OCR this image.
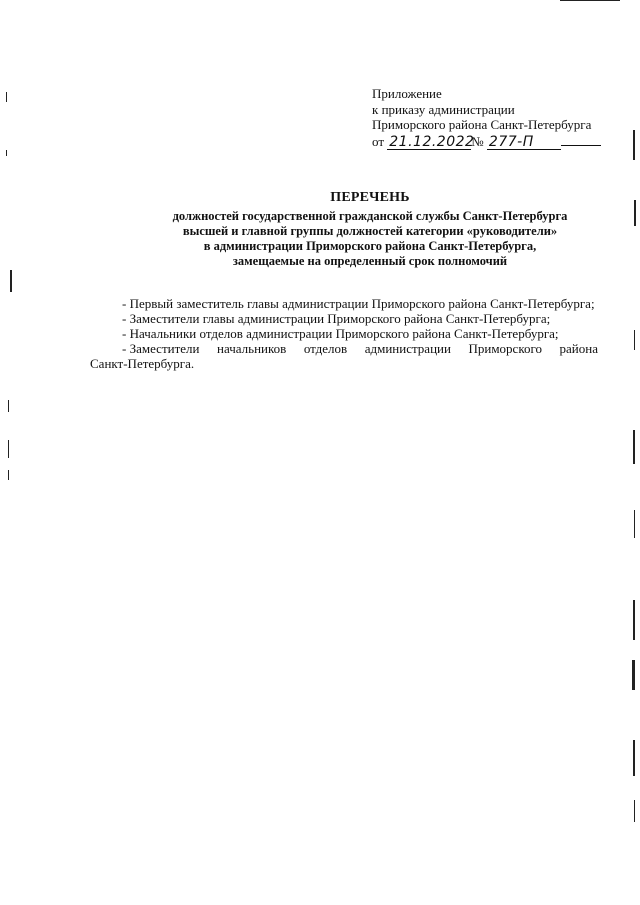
Приложение
к приказу администрации
Приморского района Санкт-Петербурга
от
21.12.2022
№
277-П
ПЕРЕЧЕНЬ
должностей государственной гражданской службы Санкт-Петербурга
высшей и главной группы должностей категории «руководители»
в администрации Приморского района Санкт-Петербурга,
замещаемые на определенный срок полномочий
- Первый заместитель главы администрации Приморского района Санкт-Петербурга;
- Заместители главы администрации Приморского района Санкт-Петербурга;
- Начальники отделов администрации Приморского района Санкт-Петербурга;
- Заместители начальников отделов администрации Приморского района
Санкт-Петербурга.
